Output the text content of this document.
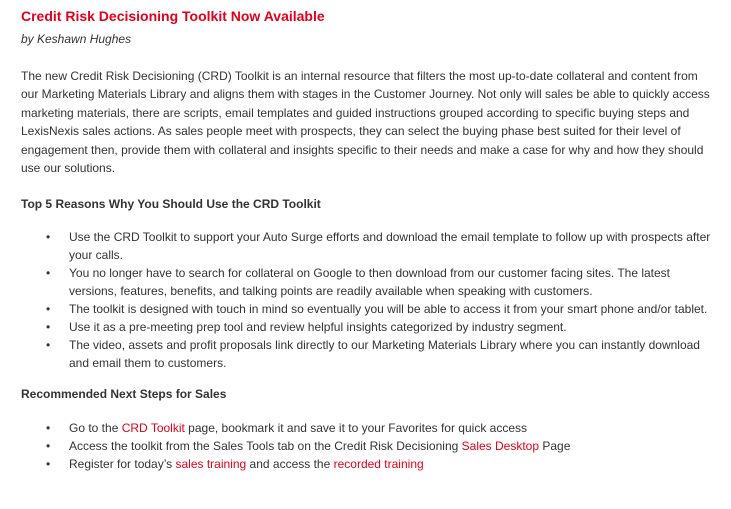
Credit Risk Decisioning Toolkit Now Available
by Keshawn Hughes
The new Credit Risk Decisioning (CRD) Toolkit is an internal resource that filters the most up-to-date collateral and content from our Marketing Materials Library and aligns them with stages in the Customer Journey. Not only will sales be able to quickly access marketing materials, there are scripts, email templates and guided instructions grouped according to specific buying steps and LexisNexis sales actions. As sales people meet with prospects, they can select the buying phase best suited for their level of engagement then, provide them with collateral and insights specific to their needs and make a case for why and how they should use our solutions.
Top 5 Reasons Why You Should Use the CRD Toolkit
• Use the CRD Toolkit to support your Auto Surge efforts and download the email template to follow up with prospects after your calls.
• You no longer have to search for collateral on Google to then download from our customer facing sites. The latest versions, features, benefits, and talking points are readily available when speaking with customers.
• The toolkit is designed with touch in mind so eventually you will be able to access it from your smart phone and/or tablet.
• Use it as a pre-meeting prep tool and review helpful insights categorized by industry segment.
• The video, assets and profit proposals link directly to our Marketing Materials Library where you can instantly download and email them to customers.
Recommended Next Steps for Sales
• Go to the CRD Toolkit page, bookmark it and save it to your Favorites for quick access
• Access the toolkit from the Sales Tools tab on the Credit Risk Decisioning Sales Desktop Page
• Register for today’s sales training and access the recorded training
